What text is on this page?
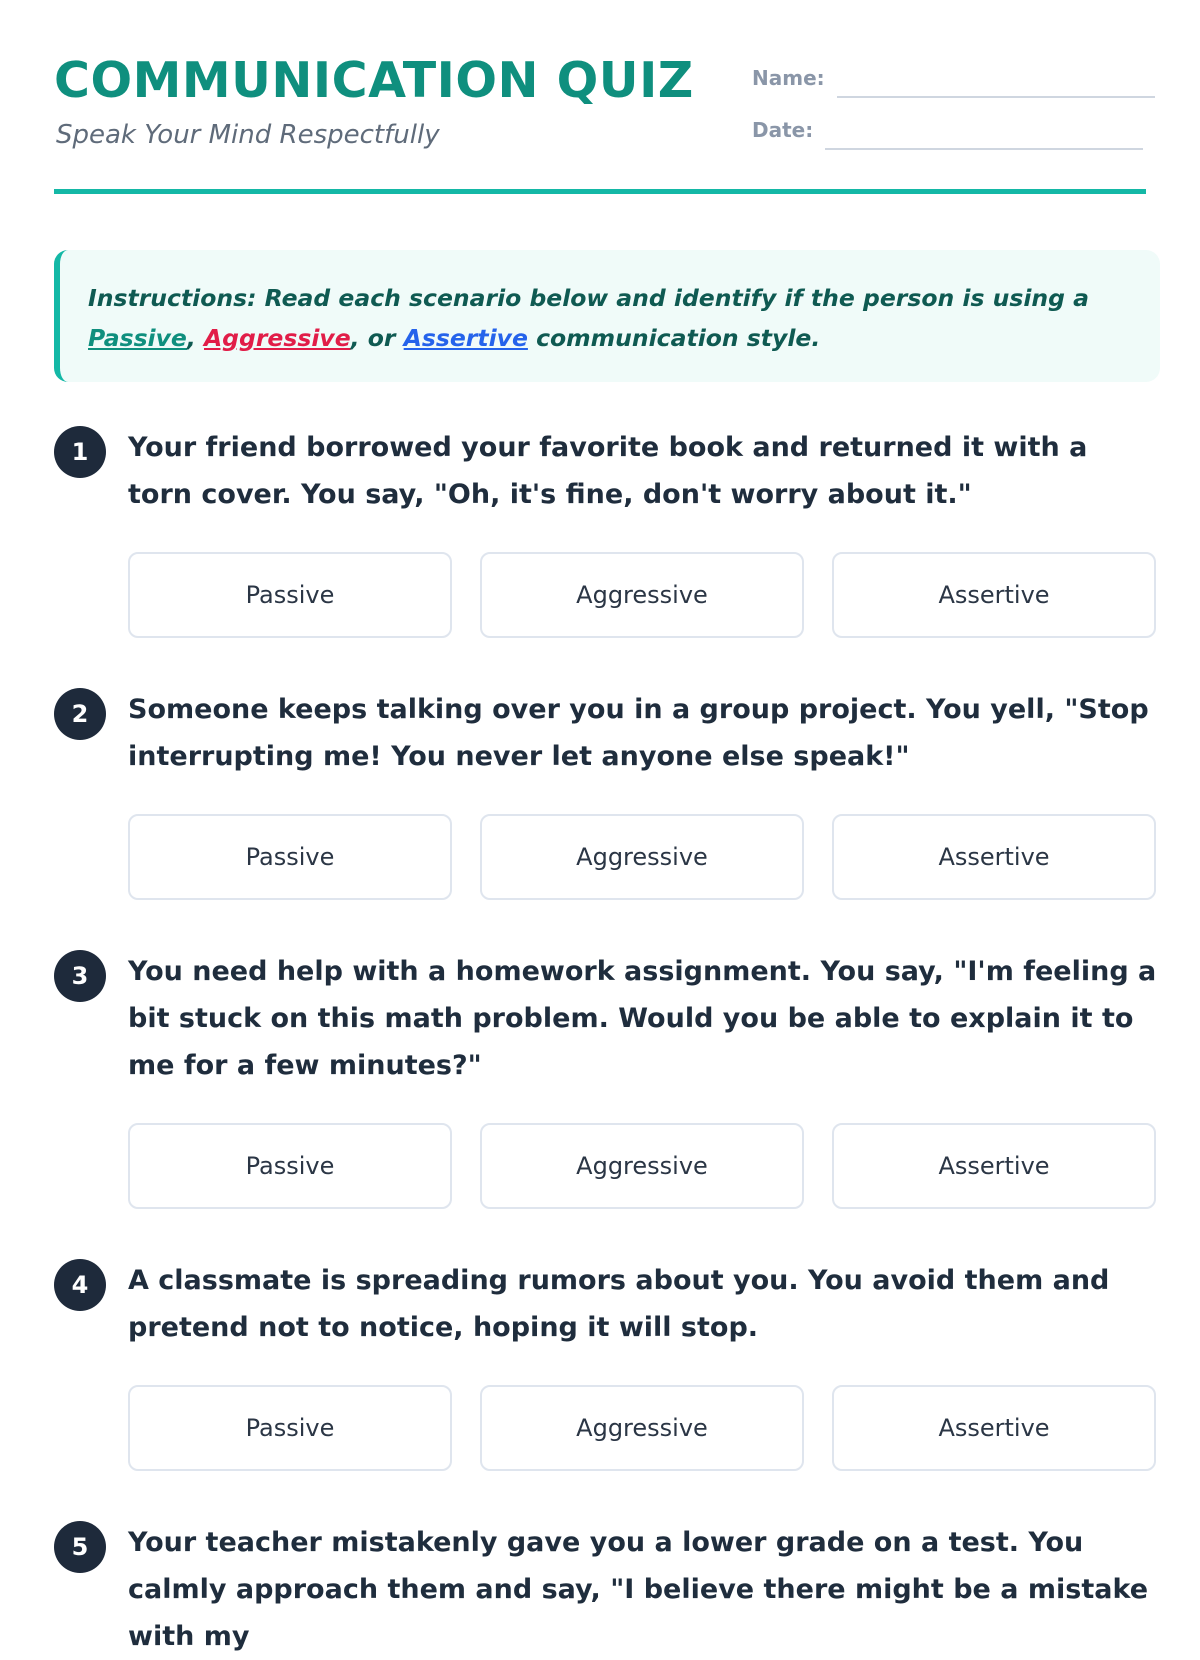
COMMUNICATION QUIZ
Speak Your Mind Respectfully
Name:
Date:
Instructions: Read each scenario below and identify if the person is using a Passive, Aggressive, or Assertive communication style.
1	Your friend borrowed your favorite book and returned it with a torn cover. You say, "Oh, it's fine, don't worry about it."
Passive	Aggressive	Assertive
2	Someone keeps talking over you in a group project. You yell, "Stop interrupting me! You never let anyone else speak!"
Passive	Aggressive	Assertive
3	You need help with a homework assignment. You say, "I'm feeling a bit stuck on this math problem. Would you be able to explain it to me for a few minutes?"
Passive	Aggressive	Assertive
4	A classmate is spreading rumors about you. You avoid them and pretend not to notice, hoping it will stop.
Passive	Aggressive	Assertive
5	Your teacher mistakenly gave you a lower grade on a test. You calmly approach them and say, "I believe there might be a mistake with my
